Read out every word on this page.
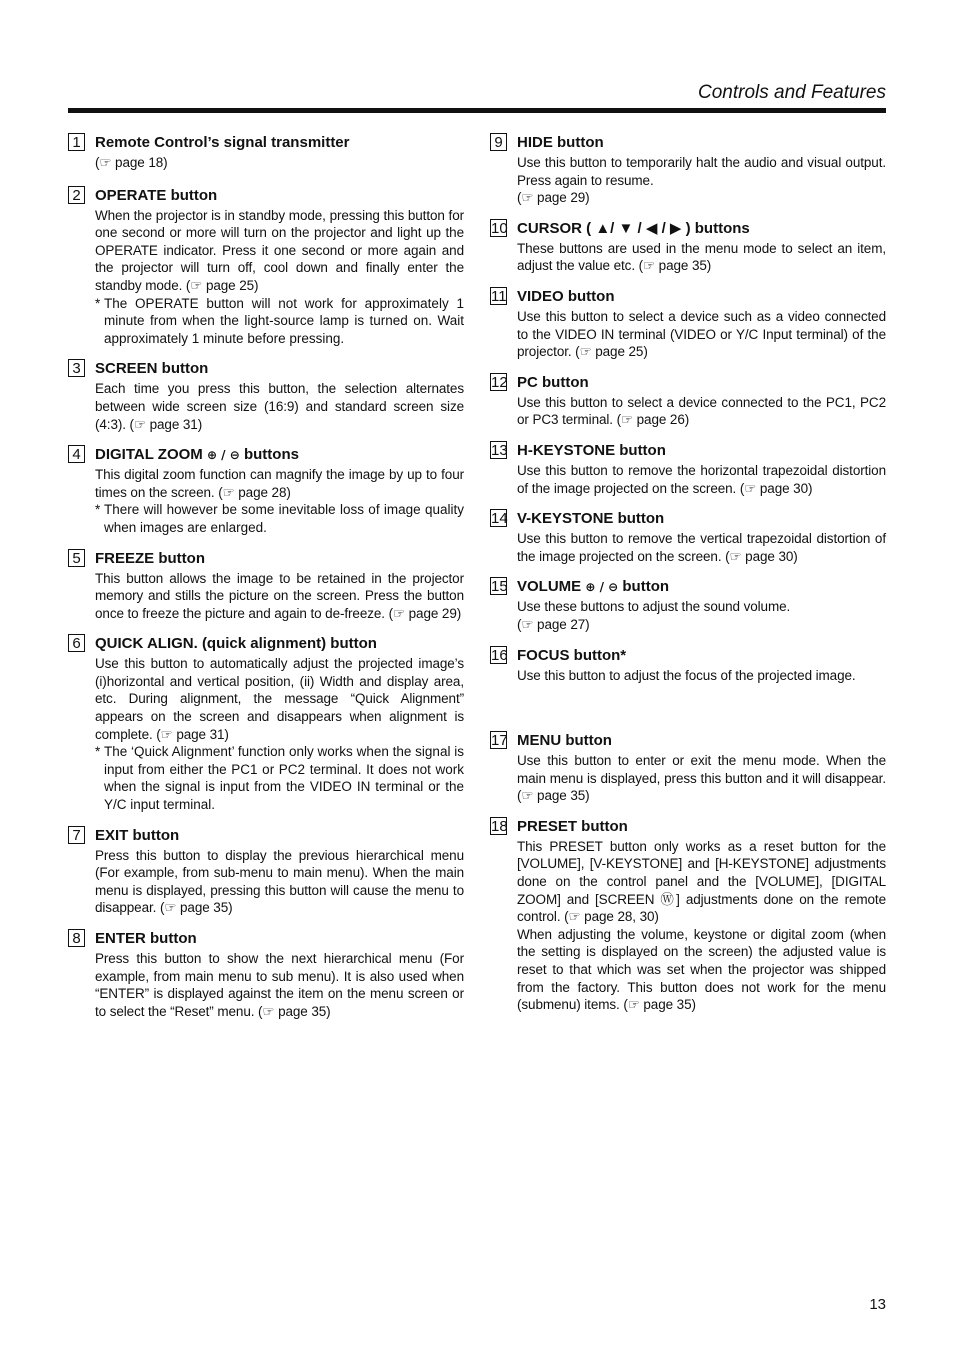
Controls and Features
1 Remote Control’s signal transmitter

(☞ page 18)

2 OPERATE button

When the projector is in standby mode, pressing this button for one second or more will turn on the projector and light up the OPERATE indicator. Press it one second or more again and the projector will turn off, cool down and finally enter the standby mode. (☞ page 25)

* The OPERATE button will not work for approximately 1 minute from when the light-source lamp is turned on. Wait approximately 1 minute before pressing.

3 SCREEN button

Each time you press this button, the selection alternates between wide screen size (16:9) and standard screen size (4:3). (☞ page 31)

4 DIGITAL ZOOM ⊕ / ⊖ buttons

This digital zoom function can magnify the image by up to four times on the screen. (☞ page 28)

* There will however be some inevitable loss of image quality when images are enlarged.

5 FREEZE button

This button allows the image to be retained in the projector memory and stills the picture on the screen. Press the button once to freeze the picture and again to de-freeze. (☞ page 29)

6 QUICK ALIGN. (quick alignment) button

Use this button to automatically adjust the projected image’s (i)horizontal and vertical position, (ii) Width and display area, etc. During alignment, the message “Quick Alignment” appears on the screen and disappears when alignment is complete. (☞ page 31)

* The ‘Quick Alignment’ function only works when the signal is input from either the PC1 or PC2 terminal. It does not work when the signal is input from the VIDEO IN terminal or the Y/C input terminal.

7 EXIT button

Press this button to display the previous hierarchical menu (For example, from sub-menu to main menu). When the main menu is displayed, pressing this button will cause the menu to disappear. (☞ page 35)

8 ENTER button

Press this button to show the next hierarchical menu (For example, from main menu to sub menu). It is also used when “ENTER” is displayed against the item on the menu screen or to select the “Reset” menu. (☞ page 35)

9 HIDE button

Use this button to temporarily halt the audio and visual output. Press again to resume.

(☞ page 29)

10 CURSOR ( ▲/ ▼ / ◀ / ▶ ) buttons

These buttons are used in the menu mode to select an item, adjust the value etc. (☞ page 35)

11 VIDEO button

Use this button to select a device such as a video connected to the VIDEO IN terminal (VIDEO or Y/C Input terminal) of the projector. (☞ page 25)

12 PC button

Use this button to select a device connected to the PC1, PC2 or PC3 terminal. (☞ page 26)

13 H-KEYSTONE button

Use this button to remove the horizontal trapezoidal distortion of the image projected on the screen. (☞ page 30)

14 V-KEYSTONE button

Use this button to remove the vertical trapezoidal distortion of the image projected on the screen. (☞ page 30)

15 VOLUME ⊕ / ⊖ button

Use these buttons to adjust the sound volume.

(☞ page 27)

16 FOCUS button*

Use this button to adjust the focus of the projected image.

17 MENU button

Use this button to enter or exit the menu mode. When the main menu is displayed, press this button and it will disappear. (☞ page 35)

18 PRESET button

This PRESET button only works as a reset button for the [VOLUME], [V-KEYSTONE] and [H-KEYSTONE] adjustments done on the control panel and the [VOLUME], [DIGITAL ZOOM] and [SCREEN Ⓦ] adjustments done on the remote control. (☞ page 28, 30)

When adjusting the volume, keystone or digital zoom (when the setting is displayed on the screen) the adjusted value is reset to that which was set when the projector was shipped from the factory. This button does not work for the menu (submenu) items. (☞ page 35)

13
